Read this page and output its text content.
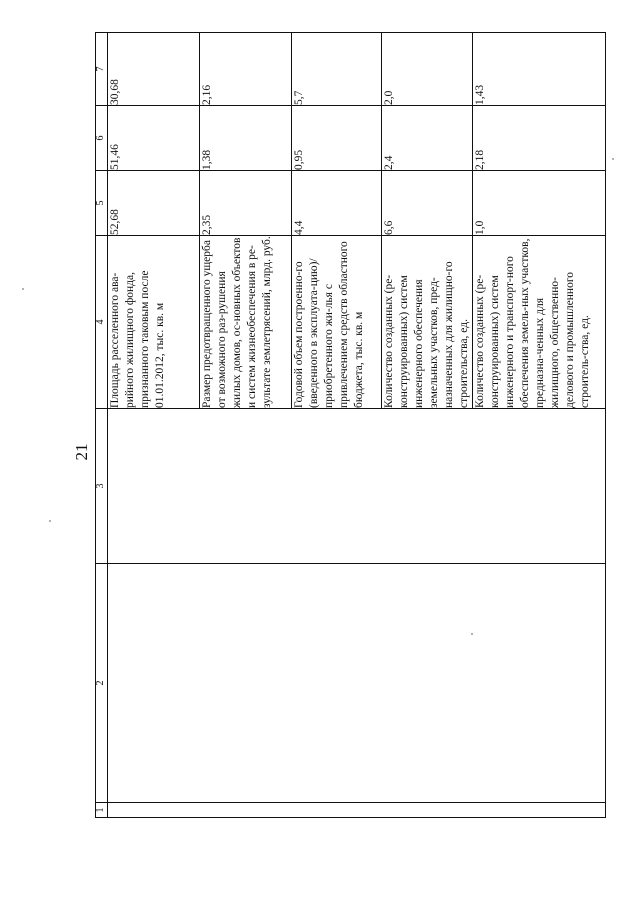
21
1	2	3	4	5	6	7
			Площадь расселенного ава-рийного жилищного фонда, признанного таковым после 01.01.2012, тыс. кв. м	52,68	51,46	30,68
			Размер предотвращенного ущерба от возможного раз-рушения жилых домов, ос-новных объектов и систем жизнеобеспечения в ре-зультате землетрясений, млрд. руб.	2,35	1,38	2,16
			Годовой объем построенно-го (введенного в эксплуата-цию)/приобретенного жи-лья с привлечением средств областного бюджета, тыс. кв. м	4,4	0,95	5,7
			Количество созданных (ре-конструированных) систем инженерного обеспечения земельных участков, пред-назначенных для жилищно-го строительства, ед.	6,6	2,4	2,0
			Количество созданных (ре-конструированных) систем инженерного и транспорт-ного обеспечения земель-ных участков, предназна-ченных для жилищного, общественно-делового и промышленного строитель-ства, ед.	1,0	2,18	1,43
